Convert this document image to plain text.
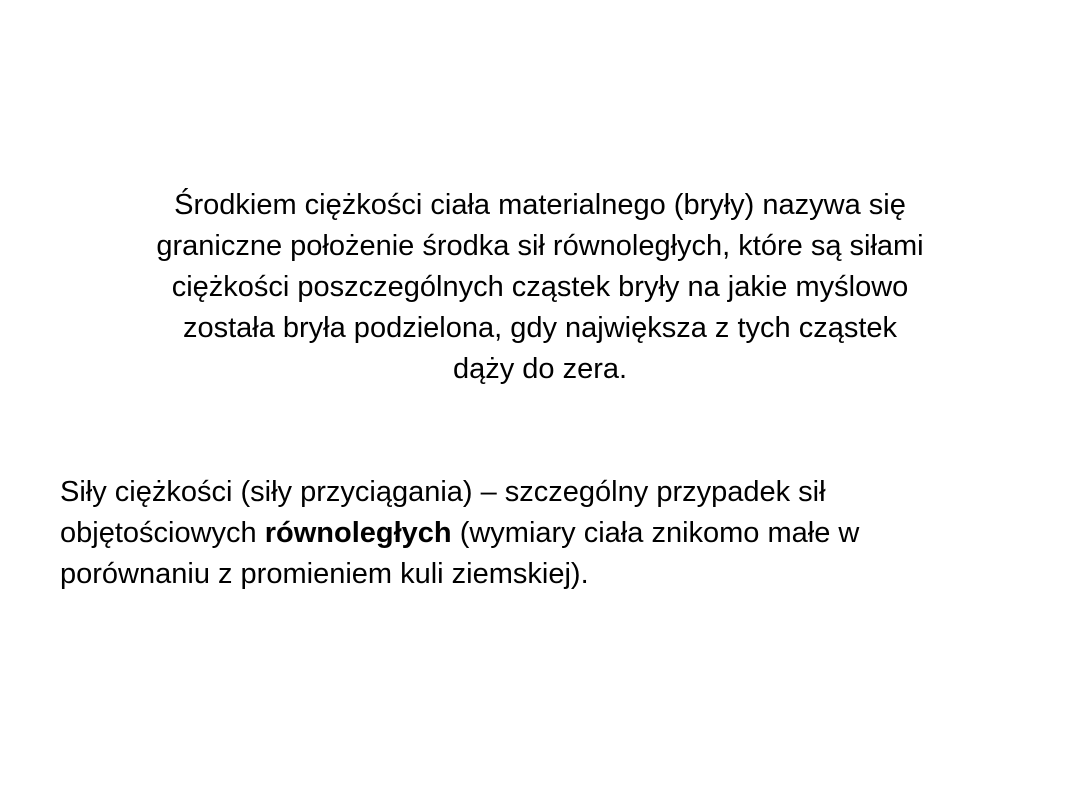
Środkiem ciężkości ciała materialnego (bryły) nazywa się
graniczne położenie środka sił równoległych, które są siłami
ciężkości poszczególnych cząstek bryły na jakie myślowo
została bryła podzielona, gdy największa z tych cząstek
dąży do zera.

Siły ciężkości (siły przyciągania) – szczególny przypadek sił
objętościowych równoległych (wymiary ciała znikomo małe w
porównaniu z promieniem kuli ziemskiej).
